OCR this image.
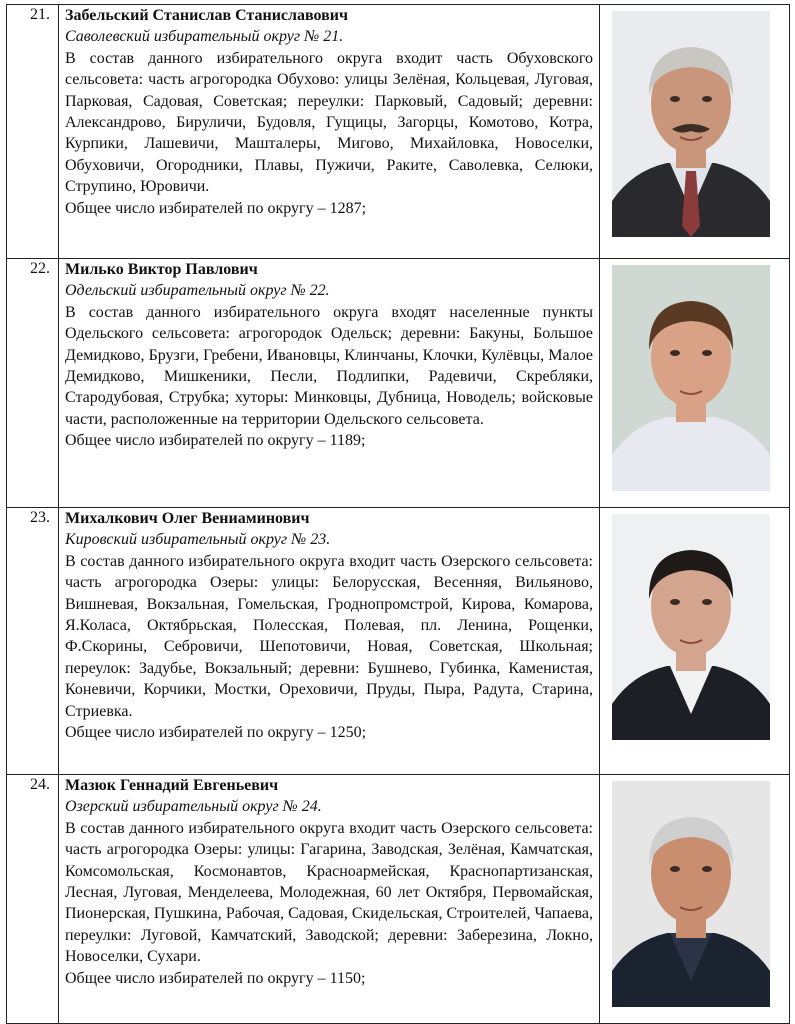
21.	Забельский Станислав Станиславович
Саволевский избирательный округ № 21.
В состав данного избирательного округа входит часть Обуховского сельсовета: часть агрогородка Обухово: улицы Зелёная, Кольцевая, Луговая, Парковая, Садовая, Советская; переулки: Парковый, Садовый; деревни: Александрово, Бируличи, Будовля, Гущицы, Загорцы, Комотово, Котра, Курпики, Лашевичи, Машталеры, Мигово, Михайловка, Новоселки, Обуховичи, Огородники, Плавы, Пужичи, Раките, Саволевка, Селюки, Струпино, Юровичи.
Общее число избирателей по округу – 1287;

22.	Милько Виктор Павлович
Одельский избирательный округ № 22.
В состав данного избирательного округа входят населенные пункты Одельского сельсовета: агрогородок Одельск; деревни: Бакуны, Большое Демидково, Брузги, Гребени, Ивановцы, Клинчаны, Клочки, Кулёвцы, Малое Демидково, Мишкеники, Песли, Подлипки, Радевичи, Скребляки, Стародубовая, Струбка; хуторы: Минковцы, Дубница, Новодель; войсковые части, расположенные на территории Одельского сельсовета.
Общее число избирателей по округу – 1189;

23.	Михалкович Олег Вениаминович
Кировский избирательный округ № 23.
В состав данного избирательного округа входит часть Озерского сельсовета: часть агрогородка Озеры: улицы: Белорусская, Весенняя, Вильяново, Вишневая, Вокзальная, Гомельская, Гроднопромстрой, Кирова, Комарова, Я.Коласа, Октябрьская, Полесская, Полевая, пл. Ленина, Рощенки, Ф.Скорины, Себровичи, Шепотовичи, Новая, Советская, Школьная; переулок: Задубье, Вокзальный; деревни: Бушнево, Губинка, Каменистая, Коневичи, Корчики, Мостки, Ореховичи, Пруды, Пыра, Радута, Старина, Стриевка.
Общее число избирателей по округу – 1250;

24.	Мазюк Геннадий Евгеньевич
Озерский избирательный округ № 24.
В состав данного избирательного округа входит часть Озерского сельсовета: часть агрогородка Озеры: улицы: Гагарина, Заводская, Зелёная, Камчатская, Комсомольская, Космонавтов, Красноармейская, Краснопартизанская, Лесная, Луговая, Менделеева, Молодежная, 60 лет Октября, Первомайская, Пионерская, Пушкина, Рабочая, Садовая, Скидельская, Строителей, Чапаева, переулки: Луговой, Камчатский, Заводской; деревни: Заберезина, Локно, Новоселки, Сухари.
Общее число избирателей по округу – 1150;
